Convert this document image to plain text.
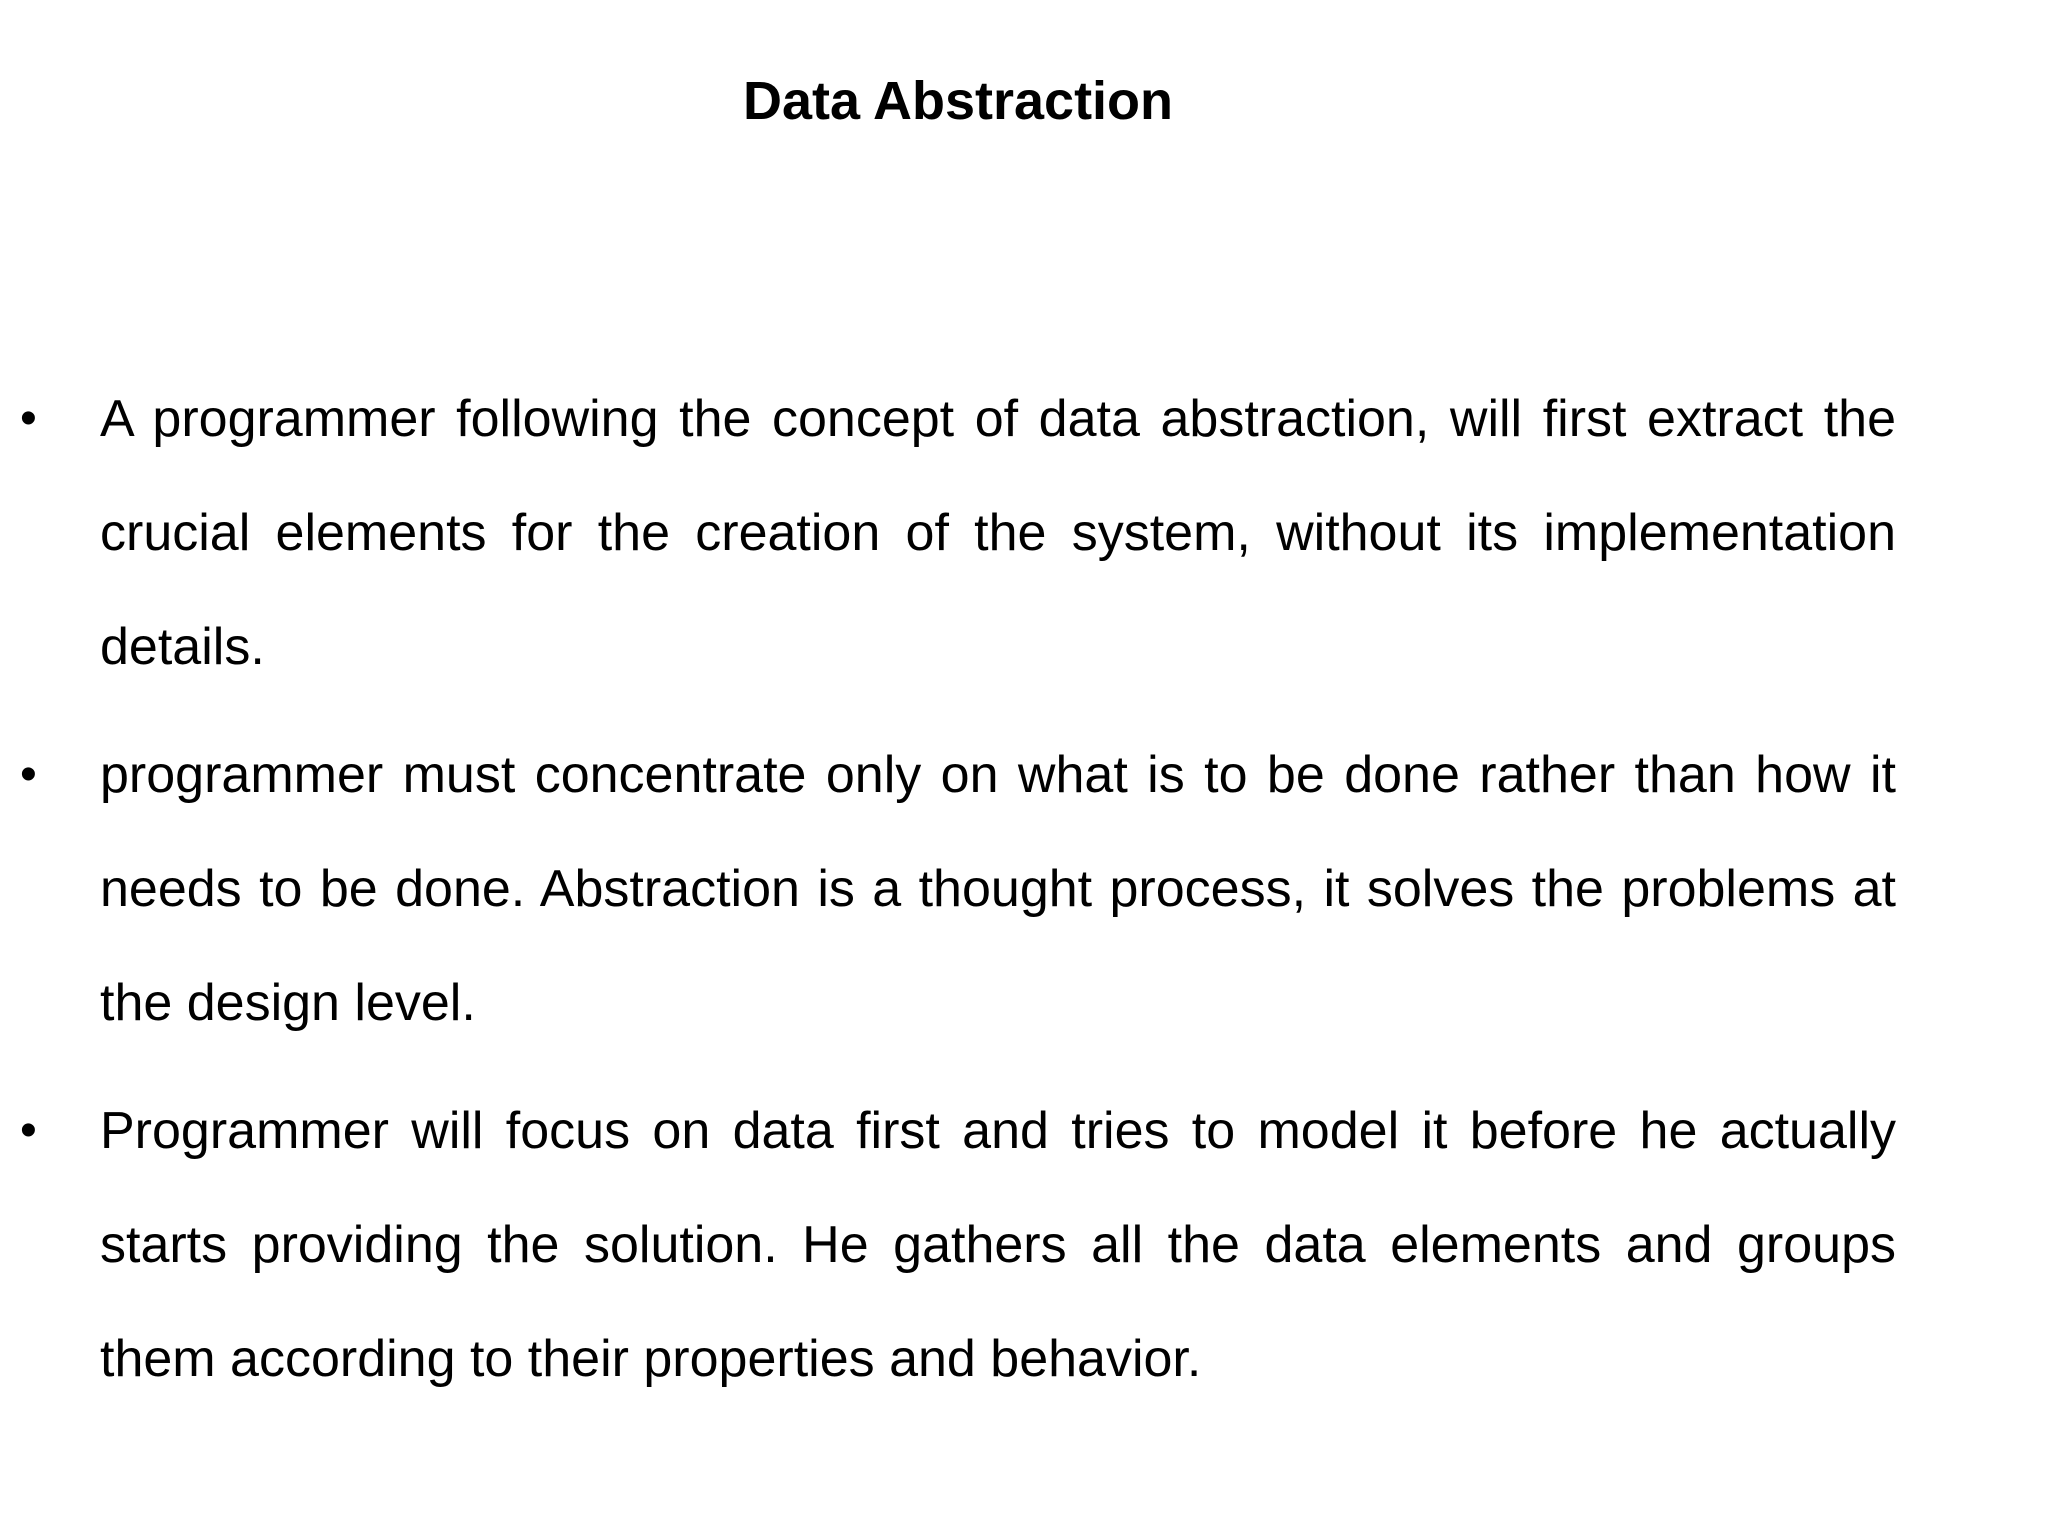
Data Abstraction
• A programmer following the concept of data abstraction, will first extract the crucial elements for the creation of the system, without its implementation details.
• programmer must concentrate only on what is to be done rather than how it  needs to be done. Abstraction is a thought process, it solves the problems at the design level.
• Programmer will focus on data first and tries to model it before he actually starts providing the solution. He gathers all the data elements and groups them according to their properties and behavior.
